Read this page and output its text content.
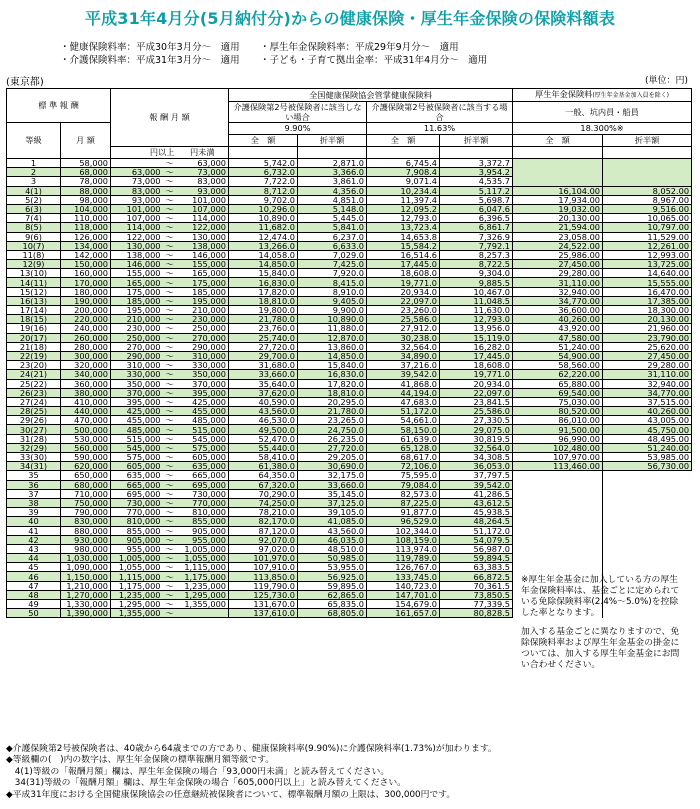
平成31年4月分(5月納付分)からの健康保険・厚生年金保険の保険料額表
・健康保険料率：平成30年3月分～　適用 ・厚生年金保険料率：平成29年9月分～　適用
・介護保険料率：平成31年3月分～　適用 ・子ども・子育て拠出金率：平成31年4月分～　適用
(東京都)	(単位：円)
標 準 報 酬		報 酬 月 額			全国健康保険協会管掌健康保険料				厚生年金保険料(厚生年金基金加入員を除く)	
					介護保険第2号被保険者に該当しない場合		介護保険第2号被保険者に該当する場合		一般、坑内員・船員	
等級	月 額				9.90%		11.63%		18.300%※	
					全　額	折半額	全　額	折半額	全　額	折半額
		円以上		円未満						
1	58,000		～	63,000	5,742.0	2,871.0	6,745.4	3,372.7		
2	68,000	63,000	～	73,000	6,732.0	3,366.0	7,908.4	3,954.2		
3	78,000	73,000	～	83,000	7,722.0	3,861.0	9,071.4	4,535.7		
4(1)	88,000	83,000	～	93,000	8,712.0	4,356.0	10,234.4	5,117.2	16,104.00	8,052.00
5(2)	98,000	93,000	～	101,000	9,702.0	4,851.0	11,397.4	5,698.7	17,934.00	8,967.00
6(3)	104,000	101,000	～	107,000	10,296.0	5,148.0	12,095.2	6,047.6	19,032.00	9,516.00
7(4)	110,000	107,000	～	114,000	10,890.0	5,445.0	12,793.0	6,396.5	20,130.00	10,065.00
8(5)	118,000	114,000	～	122,000	11,682.0	5,841.0	13,723.4	6,861.7	21,594.00	10,797.00
9(6)	126,000	122,000	～	130,000	12,474.0	6,237.0	14,653.8	7,326.9	23,058.00	11,529.00
10(7)	134,000	130,000	～	138,000	13,266.0	6,633.0	15,584.2	7,792.1	24,522.00	12,261.00
11(8)	142,000	138,000	～	146,000	14,058.0	7,029.0	16,514.6	8,257.3	25,986.00	12,993.00
12(9)	150,000	146,000	～	155,000	14,850.0	7,425.0	17,445.0	8,722.5	27,450.00	13,725.00
13(10)	160,000	155,000	～	165,000	15,840.0	7,920.0	18,608.0	9,304.0	29,280.00	14,640.00
14(11)	170,000	165,000	～	175,000	16,830.0	8,415.0	19,771.0	9,885.5	31,110.00	15,555.00
15(12)	180,000	175,000	～	185,000	17,820.0	8,910.0	20,934.0	10,467.0	32,940.00	16,470.00
16(13)	190,000	185,000	～	195,000	18,810.0	9,405.0	22,097.0	11,048.5	34,770.00	17,385.00
17(14)	200,000	195,000	～	210,000	19,800.0	9,900.0	23,260.0	11,630.0	36,600.00	18,300.00
18(15)	220,000	210,000	～	230,000	21,780.0	10,890.0	25,586.0	12,793.0	40,260.00	20,130.00
19(16)	240,000	230,000	～	250,000	23,760.0	11,880.0	27,912.0	13,956.0	43,920.00	21,960.00
20(17)	260,000	250,000	～	270,000	25,740.0	12,870.0	30,238.0	15,119.0	47,580.00	23,790.00
21(18)	280,000	270,000	～	290,000	27,720.0	13,860.0	32,564.0	16,282.0	51,240.00	25,620.00
22(19)	300,000	290,000	～	310,000	29,700.0	14,850.0	34,890.0	17,445.0	54,900.00	27,450.00
23(20)	320,000	310,000	～	330,000	31,680.0	15,840.0	37,216.0	18,608.0	58,560.00	29,280.00
24(21)	340,000	330,000	～	350,000	33,660.0	16,830.0	39,542.0	19,771.0	62,220.00	31,110.00
25(22)	360,000	350,000	～	370,000	35,640.0	17,820.0	41,868.0	20,934.0	65,880.00	32,940.00
26(23)	380,000	370,000	～	395,000	37,620.0	18,810.0	44,194.0	22,097.0	69,540.00	34,770.00
27(24)	410,000	395,000	～	425,000	40,590.0	20,295.0	47,683.0	23,841.5	75,030.00	37,515.00
28(25)	440,000	425,000	～	455,000	43,560.0	21,780.0	51,172.0	25,586.0	80,520.00	40,260.00
29(26)	470,000	455,000	～	485,000	46,530.0	23,265.0	54,661.0	27,330.5	86,010.00	43,005.00
30(27)	500,000	485,000	～	515,000	49,500.0	24,750.0	58,150.0	29,075.0	91,500.00	45,750.00
31(28)	530,000	515,000	～	545,000	52,470.0	26,235.0	61,639.0	30,819.5	96,990.00	48,495.00
32(29)	560,000	545,000	～	575,000	55,440.0	27,720.0	65,128.0	32,564.0	102,480.00	51,240.00
33(30)	590,000	575,000	～	605,000	58,410.0	29,205.0	68,617.0	34,308.5	107,970.00	53,985.00
34(31)	620,000	605,000	～	635,000	61,380.0	30,690.0	72,106.0	36,053.0	113,460.00	56,730.00
35	650,000	635,000	～	665,000	64,350.0	32,175.0	75,595.0	37,797.5		
36	680,000	665,000	～	695,000	67,320.0	33,660.0	79,084.0	39,542.0		
37	710,000	695,000	～	730,000	70,290.0	35,145.0	82,573.0	41,286.5		
38	750,000	730,000	～	770,000	74,250.0	37,125.0	87,225.0	43,612.5		
39	790,000	770,000	～	810,000	78,210.0	39,105.0	91,877.0	45,938.5		
40	830,000	810,000	～	855,000	82,170.0	41,085.0	96,529.0	48,264.5		
41	880,000	855,000	～	905,000	87,120.0	43,560.0	102,344.0	51,172.0		
42	930,000	905,000	～	955,000	92,070.0	46,035.0	108,159.0	54,079.5		
43	980,000	955,000	～	1,005,000	97,020.0	48,510.0	113,974.0	56,987.0		
44	1,030,000	1,005,000	～	1,055,000	101,970.0	50,985.0	119,789.0	59,894.5		
45	1,090,000	1,055,000	～	1,115,000	107,910.0	53,955.0	126,767.0	63,383.5		
46	1,150,000	1,115,000	～	1,175,000	113,850.0	56,925.0	133,745.0	66,872.5		
47	1,210,000	1,175,000	～	1,235,000	119,790.0	59,895.0	140,723.0	70,361.5		
48	1,270,000	1,235,000	～	1,295,000	125,730.0	62,865.0	147,701.0	73,850.5		
49	1,330,000	1,295,000	～	1,355,000	131,670.0	65,835.0	154,679.0	77,339.5		
50	1,390,000	1,355,000	～		137,610.0	68,805.0	161,657.0	80,828.5		

※厚生年金基金に加入している方の厚生年金保険料率は、基金ごとに定められている免除保険料率(2.4%～5.0%)を控除した率となります。

加入する基金ごとに異なりますので、免除保険料率および厚生年金基金の掛金については、加入する厚生年金基金にお問い合わせください。

◆介護保険第2号被保険者は、40歳から64歳までの方であり、健康保険料率(9.90%)に介護保険料率(1.73%)が加わります。
◆等級欄の(　)内の数字は、厚生年金保険の標準報酬月額等級です。
　4(1)等級の「報酬月額」欄は、厚生年金保険の場合「93,000円未満」と読み替えてください。
　34(31)等級の「報酬月額」欄は、厚生年金保険の場合「605,000円以上」と読み替えてください。
◆平成31年度における全国健康保険協会の任意継続被保険者について、標準報酬月額の上限は、300,000円です。
